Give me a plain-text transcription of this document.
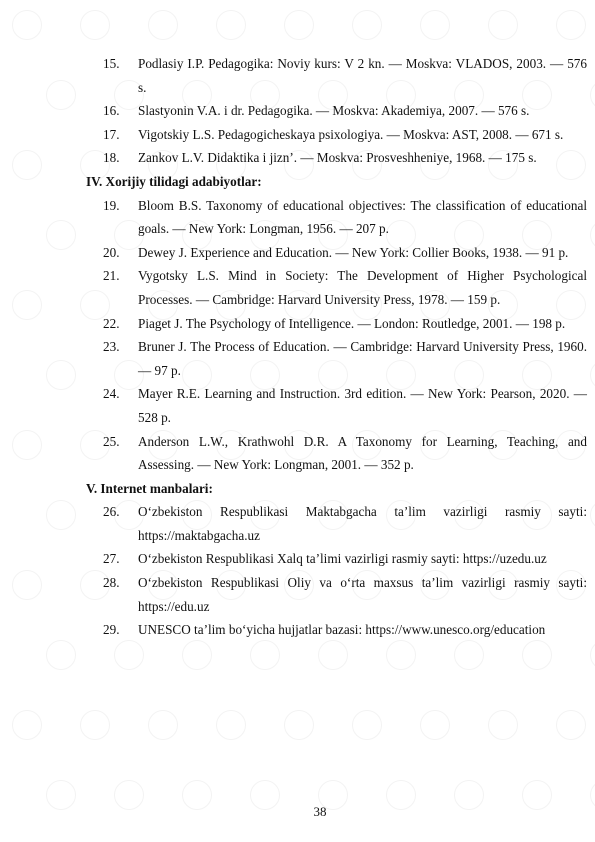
15. Podlasiy I.P. Pedagogika: Noviy kurs: V 2 kn. — Moskva: VLADOS, 2003. — 576 s.
16. Slastyonin V.A. i dr. Pedagogika. — Moskva: Akademiya, 2007. — 576 s.
17. Vigotskiy L.S. Pedagogicheskaya psixologiya. — Moskva: AST, 2008. — 671 s.
18. Zankov L.V. Didaktika i jizn’. — Moskva: Prosveshheniye, 1968. — 175 s.
IV. Xorijiy tilidagi adabiyotlar:
19. Bloom B.S. Taxonomy of educational objectives: The classification of educational goals. — New York: Longman, 1956. — 207 p.
20. Dewey J. Experience and Education. — New York: Collier Books, 1938. — 91 p.
21. Vygotsky L.S. Mind in Society: The Development of Higher Psychological Processes. — Cambridge: Harvard University Press, 1978. — 159 p.
22. Piaget J. The Psychology of Intelligence. — London: Routledge, 2001. — 198 p.
23. Bruner J. The Process of Education. — Cambridge: Harvard University Press, 1960. — 97 p.
24. Mayer R.E. Learning and Instruction. 3rd edition. — New York: Pearson, 2020. — 528 p.
25. Anderson L.W., Krathwohl D.R. A Taxonomy for Learning, Teaching, and Assessing. — New York: Longman, 2001. — 352 p.
V. Internet manbalari:
26. O‘zbekiston Respublikasi Maktabgacha ta’lim vazirligi rasmiy sayti: https://maktabgacha.uz
27. O‘zbekiston Respublikasi Xalq ta’limi vazirligi rasmiy sayti: https://uzedu.uz
28. O‘zbekiston Respublikasi Oliy va o‘rta maxsus ta’lim vazirligi rasmiy sayti: https://edu.uz
29. UNESCO ta’lim bo‘yicha hujjatlar bazasi: https://www.unesco.org/education
38
